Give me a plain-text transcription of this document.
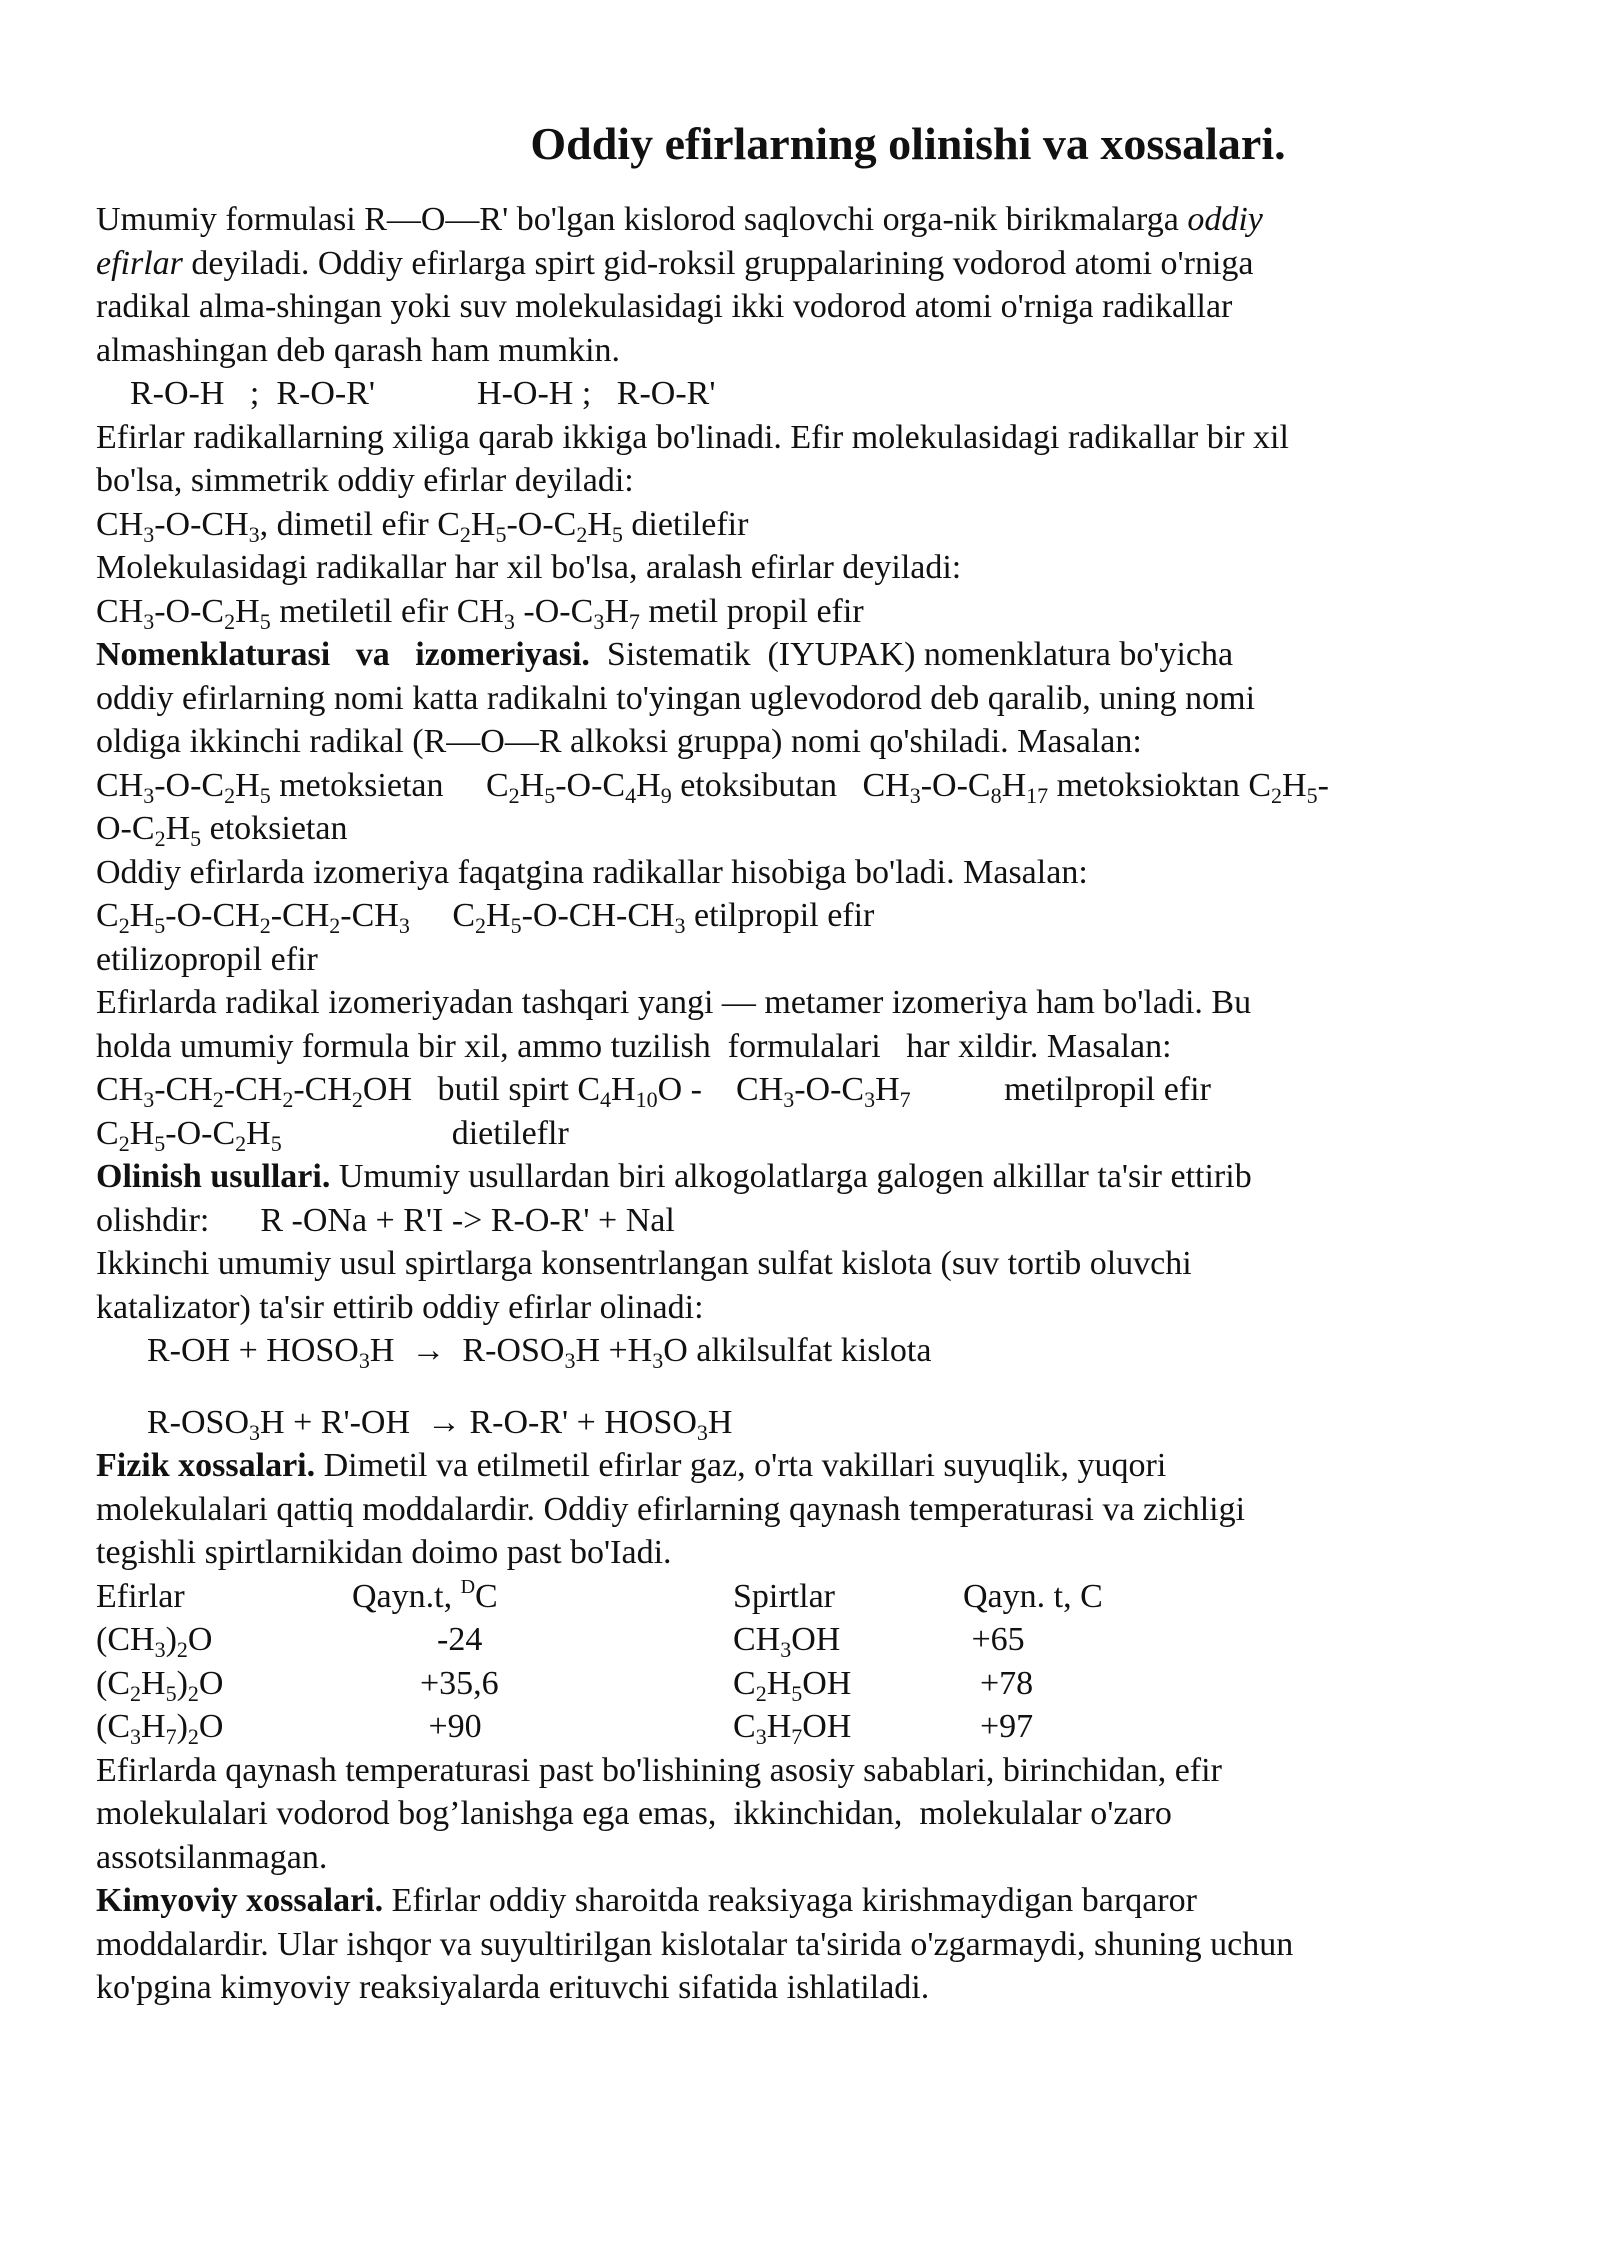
Oddiy efirlarning olinishi va xossalari.
Umumiy formulasi R—O—R' bo'lgan kislorod saqlovchi orga-nik birikmalarga oddiy
efirlar deyiladi. Oddiy efirlarga spirt gid-roksil gruppalarining vodorod atomi o'rniga
radikal alma-shingan yoki suv molekulasidagi ikki vodorod atomi o'rniga radikallar
almashingan deb qarash ham mumkin.
R-O-H   ;  R-O-R'            H-O-H ;   R-O-R'
Efirlar radikallarning xiliga qarab ikkiga bo'linadi. Efir molekulasidagi radikallar bir xil
bo'lsa, simmetrik oddiy efirlar deyiladi:
$CH_3-O-CH_3$, dimetil efir $C_2H_5-O-C_2H_5$ dietilefir
Molekulasidagi radikallar har xil bo'lsa, aralash efirlar deyiladi:
$CH_3-O-C_2H_5$ metiletil efir $CH_3$ $-O-C_3H_7$ metil propil efir
Nomenklaturasi   va   izomeriyasi.  Sistematik  (IYUPAK) nomenklatura bo'yicha
oddiy efirlarning nomi katta radikalni to'yingan uglevodorod deb qaralib, uning nomi
oldiga ikkinchi radikal (R—O—R alkoksi gruppa) nomi qo'shiladi. Masalan:
$CH_3-O-C_2H_5$ metoksietan     $C_2H_5-O-C_4H_9$ etoksibutan   $CH_3-O-C_8H_{17}$ metoksioktan $C_2H_5-$
$O-C_2H_5$ etoksietan
Oddiy efirlarda izomeriya faqatgina radikallar hisobiga bo'ladi. Masalan:
$C_2H_5-O-CH_2-CH_2-CH_3$     $C_2H_5-O-CH-CH_3$ etilpropil efir
etilizopropil efir
Efirlarda radikal izomeriyadan tashqari yangi — metamer izomeriya ham bo'ladi. Bu
holda umumiy formula bir xil, ammo tuzilish  formulalari   har xildir. Masalan:
$CH_3-CH_2-CH_2-CH_2OH$   butil spirt $C_4H_{10}O$ -    $CH_3-O-C_3H_7$           metilpropil efir
$C_2H_5-O-C_2H_5$	dietileflr
Olinish usullari. Umumiy usullardan biri alkogolatlarga galogen alkillar ta'sir ettirib
olishdir:      R -ONa + R'I -> R-O-R' + Nal
Ikkinchi umumiy usul spirtlarga konsentrlangan sulfat kislota (suv tortib oluvchi
katalizator) ta'sir ettirib oddiy efirlar olinadi:
$R-OH + HOSO_3H \to R-OSO_3H +H_3O$ alkilsulfat kislota
$R-OSO_3H + R'-OH \to R-O-R'$ + $HOSO_3H$
Fizik xossalari. Dimetil va etilmetil efirlar gaz, o'rta vakillari suyuqlik, yuqori
molekulalari qattiq moddalardir. Oddiy efirlarning qaynash temperaturasi va zichligi
tegishli spirtlarnikidan doimo past bo'Iadi.
Efirlar	Qayn.t, $^D$C	Spirtlar	Qayn. t, C
$(CH_3)_2O$	-24	$CH_3OH$	+65
$(C_2H_5)_2O$	+35,6	$C_2H_5OH$	+78
$(C_3H_7)_2O$	+90	$C_3H_7OH$	+97
Efirlarda qaynash temperaturasi past bo'lishining asosiy sabablari, birinchidan, efir
molekulalari vodorod bog’lanishga ega emas,  ikkinchidan,  molekulalar o'zaro
assotsilanmagan.
Kimyoviy xossalari. Efirlar oddiy sharoitda reaksiyaga kirishmaydigan barqaror
moddalardir. Ular ishqor va suyultirilgan kislotalar ta'sirida o'zgarmaydi, shuning uchun
ko'pgina kimyoviy reaksiyalarda erituvchi sifatida ishlatiladi.
